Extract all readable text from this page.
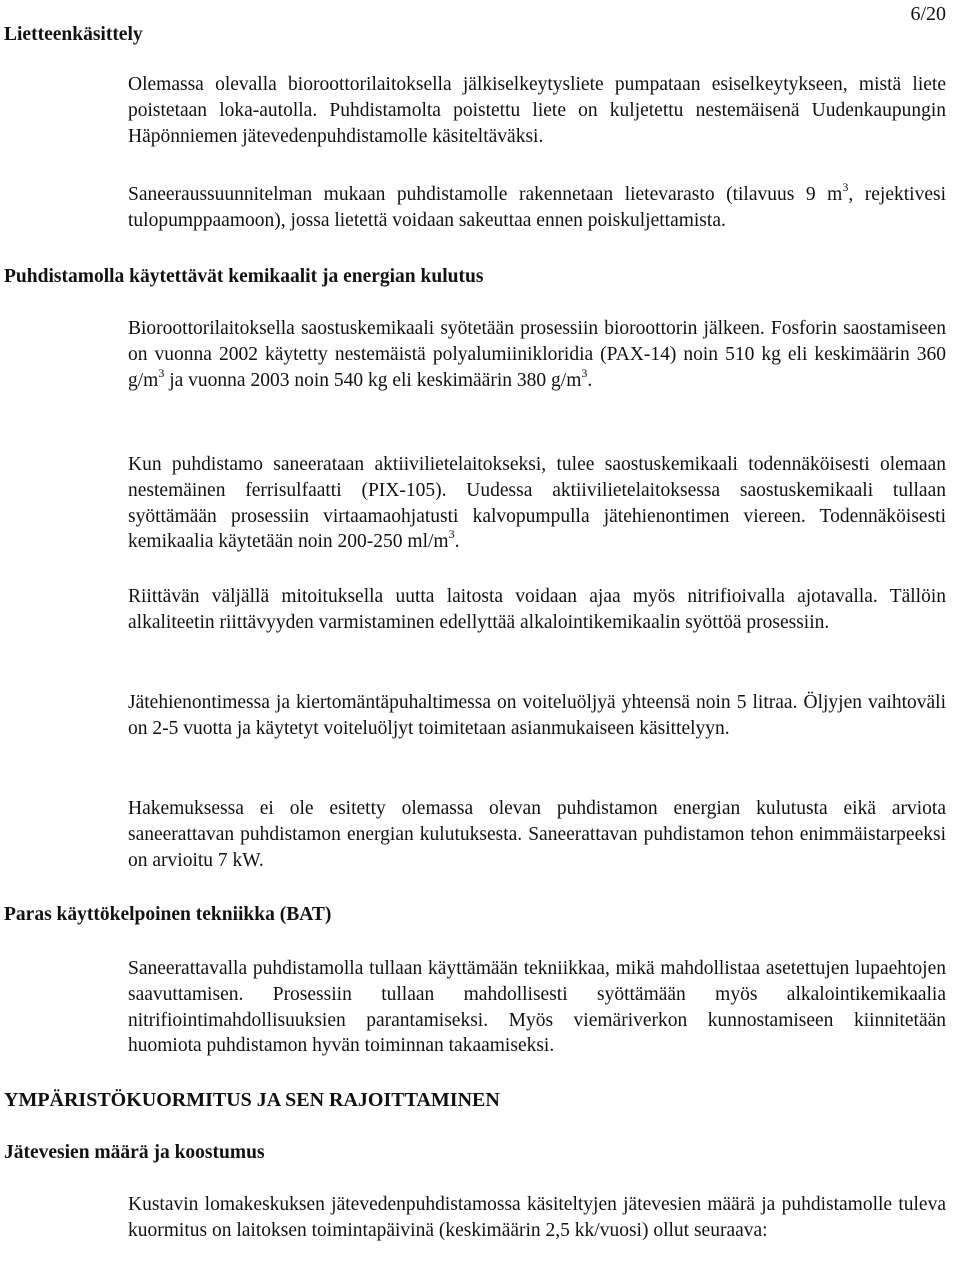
6/20
Lietteenkäsittely

Olemassa olevalla bioroottorilaitoksella jälkiselkeytysliete pumpataan esiselkeytykseen, mistä liete poistetaan loka-autolla. Puhdistamolta poistettu liete on kuljetettu nestemäisenä Uudenkaupungin Häpönniemen jätevedenpuhdistamolle käsiteltäväksi.

Saneeraussuunnitelman mukaan puhdistamolle rakennetaan lietevarasto (tilavuus 9 $m^3$, rejektivesi tulopumppaamoon), jossa lietettä voidaan sakeuttaa ennen poiskuljettamista.

Puhdistamolla käytettävät kemikaalit ja energian kulutus

Bioroottorilaitoksella saostuskemikaali syötetään prosessiin bioroottorin jälkeen. Fosforin saostamiseen on vuonna 2002 käytetty nestemäistä polyalumiinikloridia (PAX-14) noin 510 kg eli keskimäärin 360 $g/m^3$ ja vuonna 2003 noin 540 kg eli keskimäärin 380 $g/m^3$.

Kun puhdistamo saneerataan aktiivilietelaitokseksi, tulee saostuskemikaali todennäköisesti olemaan nestemäinen ferrisulfaatti (PIX-105). Uudessa aktiivilietelaitoksessa saostuskemikaali tullaan syöttämään prosessiin virtaamaohjatusti kalvopumpulla jätehienontimen viereen. Todennäköisesti kemikaalia käytetään noin 200-250 $ml/m^3$.

Riittävän väljällä mitoituksella uutta laitosta voidaan ajaa myös nitrifioivalla ajotavalla. Tällöin alkaliteetin riittävyyden varmistaminen edellyttää alkalointikemikaalin syöttöä prosessiin.

Jätehienontimessa ja kiertomäntäpuhaltimessa on voiteluöljyä yhteensä noin 5 litraa. Öljyjen vaihtoväli on 2-5 vuotta ja käytetyt voiteluöljyt toimitetaan asianmukaiseen käsittelyyn.

Hakemuksessa ei ole esitetty olemassa olevan puhdistamon energian kulutusta eikä arviota saneerattavan puhdistamon energian kulutuksesta. Saneerattavan puhdistamon tehon enimmäistarpeeksi on arvioitu 7 kW.

Paras käyttökelpoinen tekniikka (BAT)

Saneerattavalla puhdistamolla tullaan käyttämään tekniikkaa, mikä mahdollistaa asetettujen lupaehtojen saavuttamisen. Prosessiin tullaan mahdollisesti syöttämään myös alkalointikemikaalia nitrifiointimahdollisuuksien parantamiseksi. Myös viemäriverkon kunnostamiseen kiinnitetään huomiota puhdistamon hyvän toiminnan takaamiseksi.

YMPÄRISTÖKUORMITUS JA SEN RAJOITTAMINEN
Jätevesien määrä ja koostumus

Kustavin lomakeskuksen jätevedenpuhdistamossa käsiteltyjen jätevesien määrä ja puhdistamolle tuleva kuormitus on laitoksen toimintapäivinä (keskimäärin 2,5 kk/vuosi) ollut seuraava:
